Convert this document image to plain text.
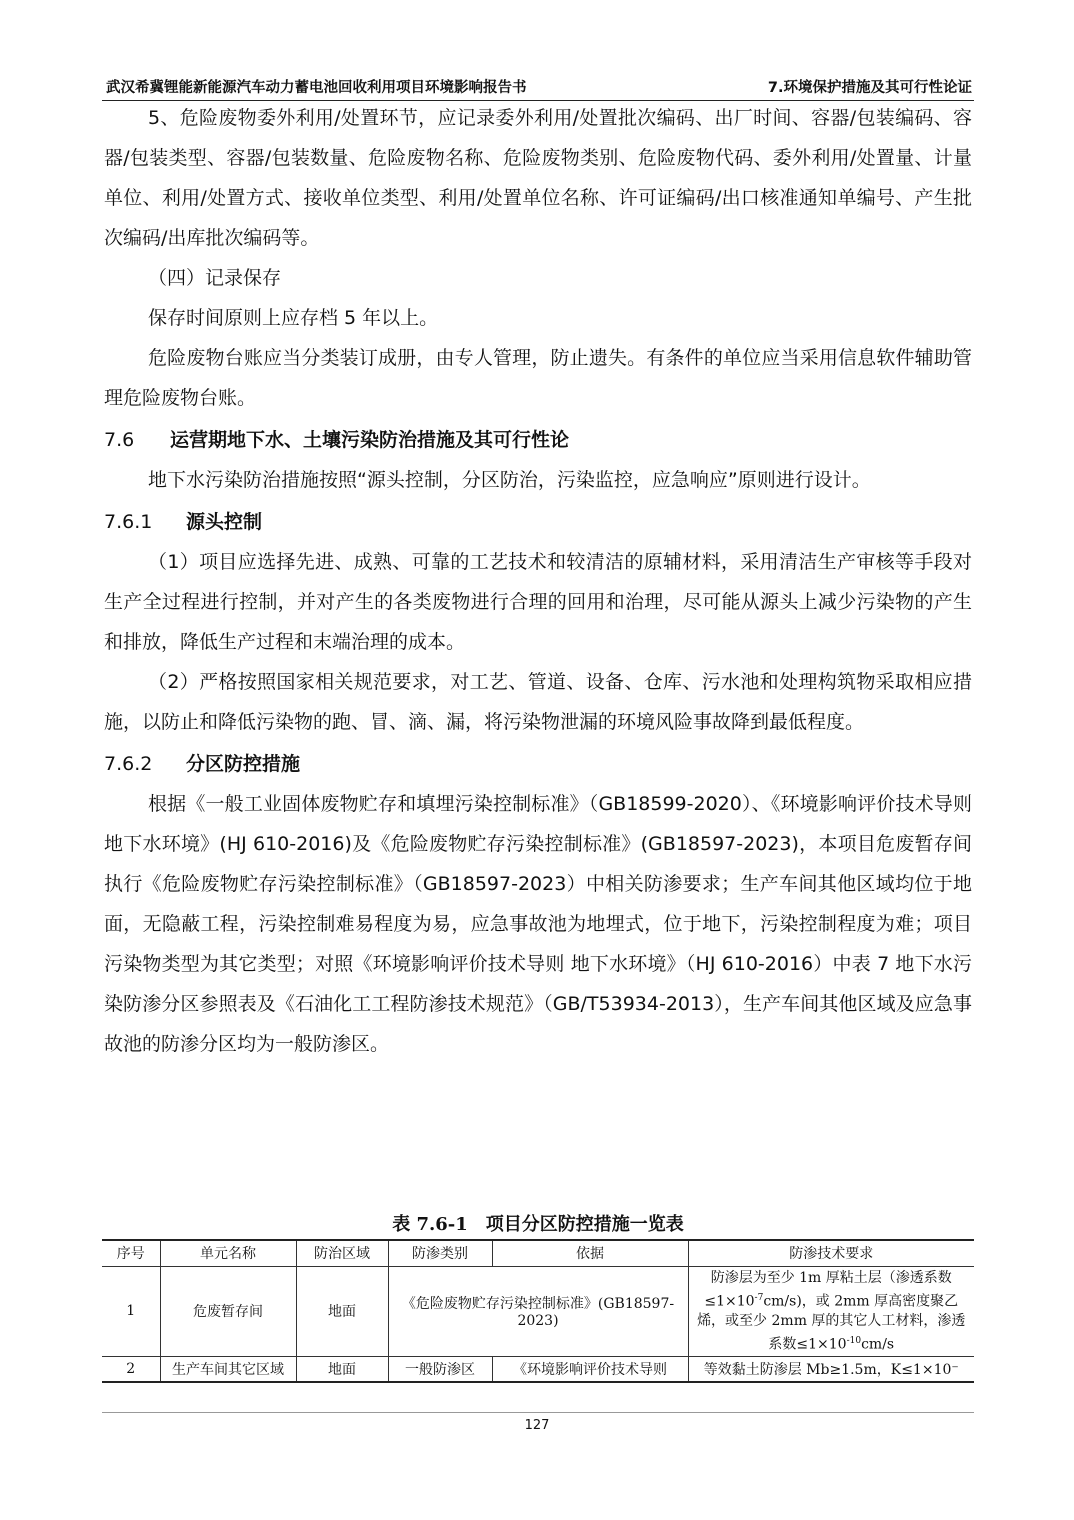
武汉希冀锂能新能源汽车动力蓄电池回收利用项目环境影响报告书	7.环境保护措施及其可行性论证

5、危险废物委外利用/处置环节，应记录委外利用/处置批次编码、出厂时间、容器/包装编码、容 器/包装类型、容器/包装数量、危险废物名称、危险废物类别、危险废物代码、委外利用/处置量、计量 单位、利用/处置方式、接收单位类型、利用/处置单位名称、许可证编码/出口核准通知单编号、产生批 次编码/出库批次编码等。

（四）记录保存

保存时间原则上应存档 5 年以上。

危险废物台账应当分类装订成册，由专人管理，防止遗失。有条件的单位应当采用信息软件辅助管理危险废物台账。

7.6 运营期地下水、土壤污染防治措施及其可行性论

地下水污染防治措施按照“源头控制，分区防治，污染监控，应急响应”原则进行设计。

7.6.1 源头控制

（1）项目应选择先进、成熟、可靠的工艺技术和较清洁的原辅材料，采用清洁生产审核等手段对生产全过程进行控制，并对产生的各类废物进行合理的回用和治理，尽可能从源头上减少污染物的产生和排放，降低生产过程和末端治理的成本。

（2）严格按照国家相关规范要求，对工艺、管道、设备、仓库、污水池和处理构筑物采取相应措施，以防止和降低污染物的跑、冒、滴、漏，将污染物泄漏的环境风险事故降到最低程度。

7.6.2 分区防控措施

根据《一般工业固体废物贮存和填埋污染控制标准》（GB18599-2020）、《环境影响评价技术导则 地下水环境》(HJ 610-2016)及《危险废物贮存污染控制标准》(GB18597-2023)，本项目危废暂存间执行《危险废物贮存污染控制标准》（GB18597-2023）中相关防渗要求；生产车间其他区域均位于地面，无隐蔽工程，污染控制难易程度为易，应急事故池为地埋式，位于地下，污染控制程度为难；项目污染物类型为其它类型；对照《环境影响评价技术导则 地下水环境》（HJ 610-2016）中表 7 地下水污染防渗分区参照表及《石油化工工程防渗技术规范》（GB/T53934-2013），生产车间其他区域及应急事故池的防渗分区均为一般防渗区。

表 7.6-1　项目分区防控措施一览表
序号	单元名称	防治区域	防渗类别	依据	防渗技术要求
1	危废暂存间	地面	《危险废物贮存污染控制标准》(GB18597-2023)		防渗层为至少 1m 厚粘土层（渗透系数$\le 1\times 10^{-7}cm/s$)，或 2mm 厚高密度聚乙烯，或至少 2mm 厚的其它人工材料，渗透系数$\le 1\times 10^{-10}cm/s$
2	生产车间其它区域	地面	一般防渗区	《环境影响评价技术导则	等效黏土防渗层 Mb≥1.5m，K≤1×10⁻
127
